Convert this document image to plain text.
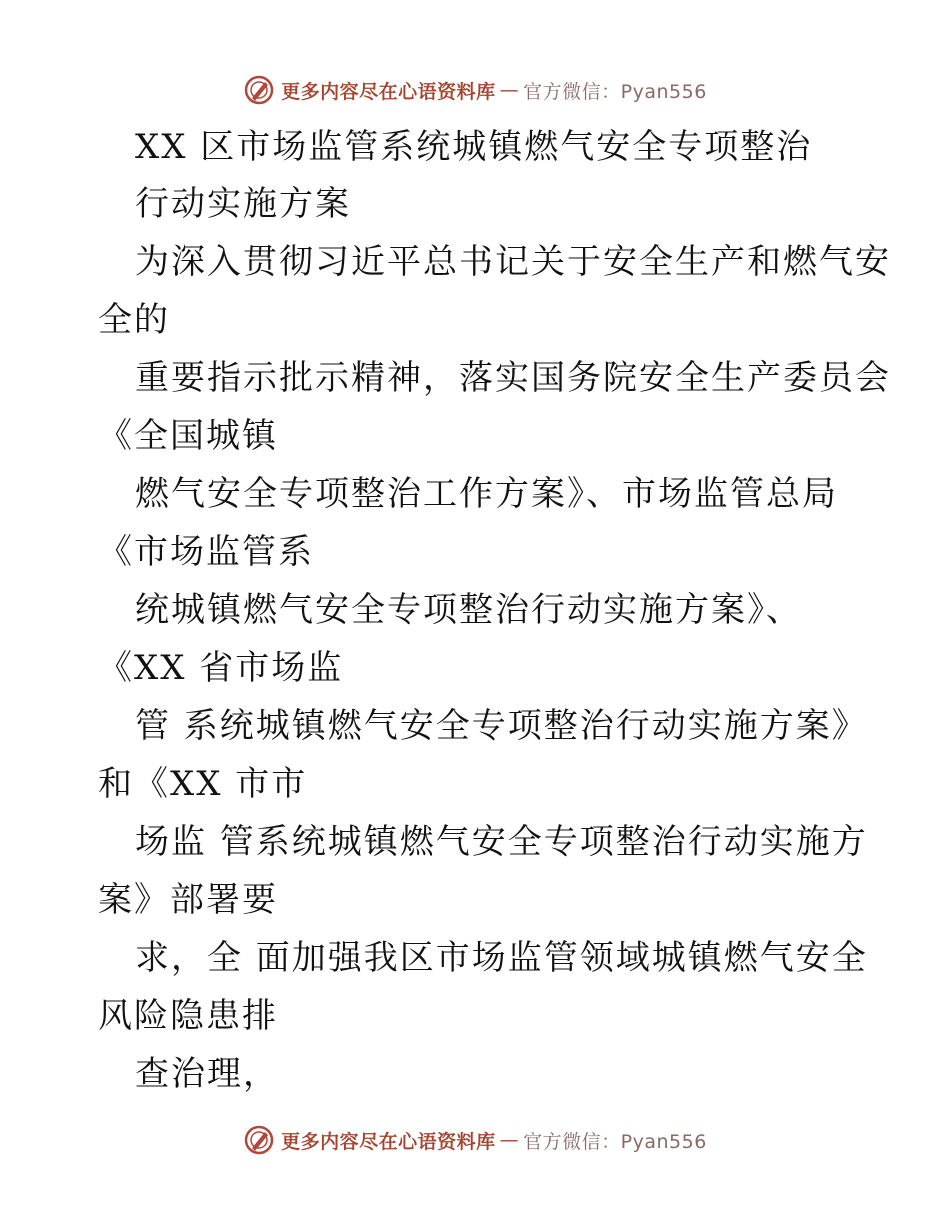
更多内容尽在心语资料库 — 官方微信：Pyan556
XX 区市场监管系统城镇燃气安全专项整治
行动实施方案
为深入贯彻习近平总书记关于安全生产和燃气安
全的
重要指示批示精神，落实国务院安全生产委员会
《全国城镇
燃气安全专项整治工作方案》、市场监管总局
《市场监管系
统城镇燃气安全专项整治行动实施方案》、
《XX 省市场监
管 系统城镇燃气安全专项整治行动实施方案》
和《XX 市市
场监 管系统城镇燃气安全专项整治行动实施方
案》部署要
求，全 面加强我区市场监管领域城镇燃气安全
风险隐患排
查治理，
更多内容尽在心语资料库 — 官方微信：Pyan556
